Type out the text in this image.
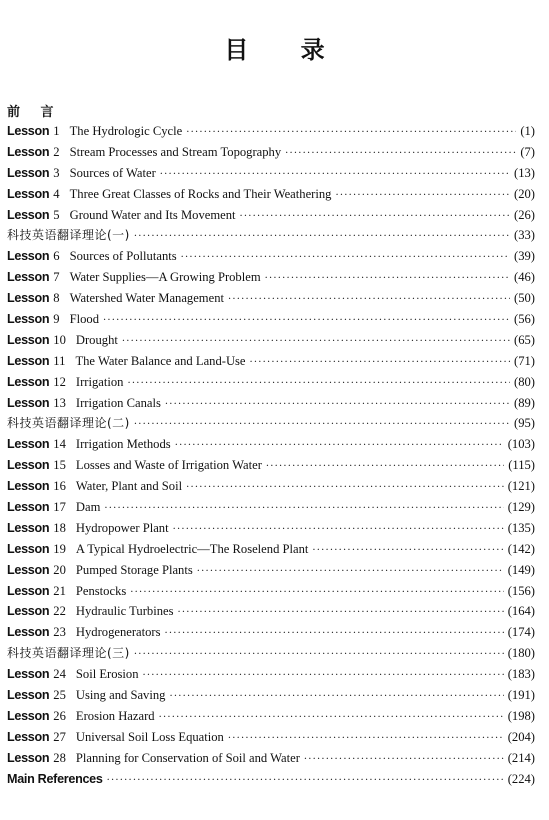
目 录
前 言
Lesson 1 The Hydrologic Cycle ·····	(1)
Lesson 2 Stream Processes and Stream Topography ·····	(7)
Lesson 3 Sources of Water ·····	(13)
Lesson 4 Three Great Classes of Rocks and Their Weathering ·····	(20)
Lesson 5 Ground Water and Its Movement ·····	(26)
科技英语翻译理论(一) ·····	(33)
Lesson 6 Sources of Pollutants ·····	(39)
Lesson 7 Water Supplies—A Growing Problem ·····	(46)
Lesson 8 Watershed Water Management ·····	(50)
Lesson 9 Flood ·····	(56)
Lesson 10 Drought ·····	(65)
Lesson 11 The Water Balance and Land-Use ·····	(71)
Lesson 12 Irrigation ·····	(80)
Lesson 13 Irrigation Canals ·····	(89)
科技英语翻译理论(二) ·····	(95)
Lesson 14 Irrigation Methods ·····	(103)
Lesson 15 Losses and Waste of Irrigation Water ·····	(115)
Lesson 16 Water, Plant and Soil ·····	(121)
Lesson 17 Dam ·····	(129)
Lesson 18 Hydropower Plant ·····	(135)
Lesson 19 A Typical Hydroelectric—The Roselend Plant ·····	(142)
Lesson 20 Pumped Storage Plants ·····	(149)
Lesson 21 Penstocks ·····	(156)
Lesson 22 Hydraulic Turbines ·····	(164)
Lesson 23 Hydrogenerators ·····	(174)
科技英语翻译理论(三) ·····	(180)
Lesson 24 Soil Erosion ·····	(183)
Lesson 25 Using and Saving ·····	(191)
Lesson 26 Erosion Hazard ·····	(198)
Lesson 27 Universal Soil Loss Equation ·····	(204)
Lesson 28 Planning for Conservation of Soil and Water ·····	(214)
Main References ·····	(224)
